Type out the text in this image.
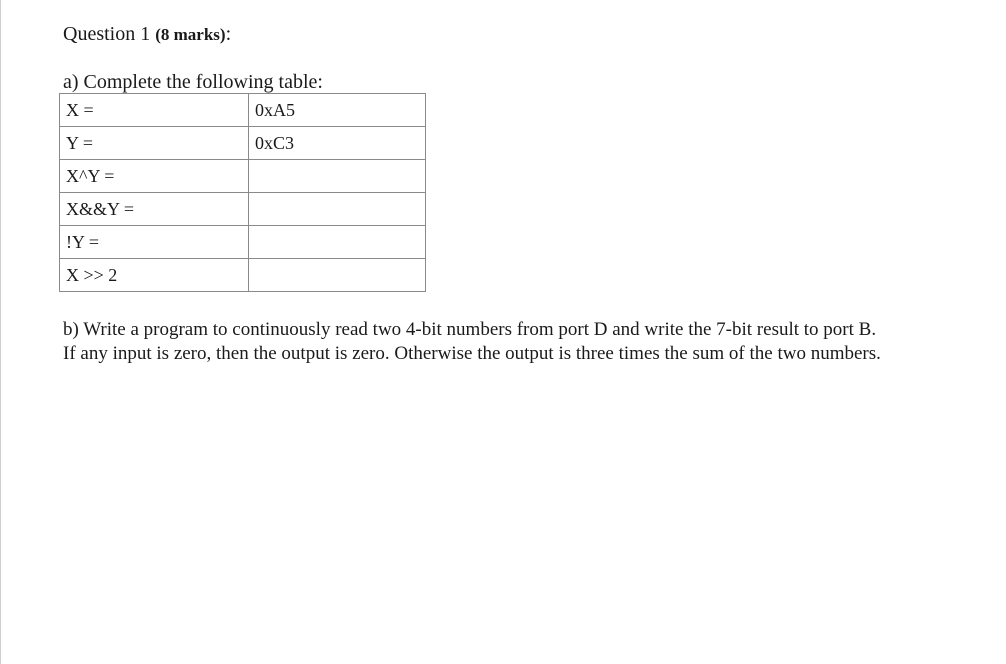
Question 1 (8 marks):
a) Complete the following table:
X =	0xA5
Y =	0xC3
X^Y =	
X&&Y =	
!Y =	
X >> 2	

b) Write a program to continuously read two 4-bit numbers from port D and write the 7-bit result to port B.

If any input is zero, then the output is zero. Otherwise the output is three times the sum of the two numbers.
